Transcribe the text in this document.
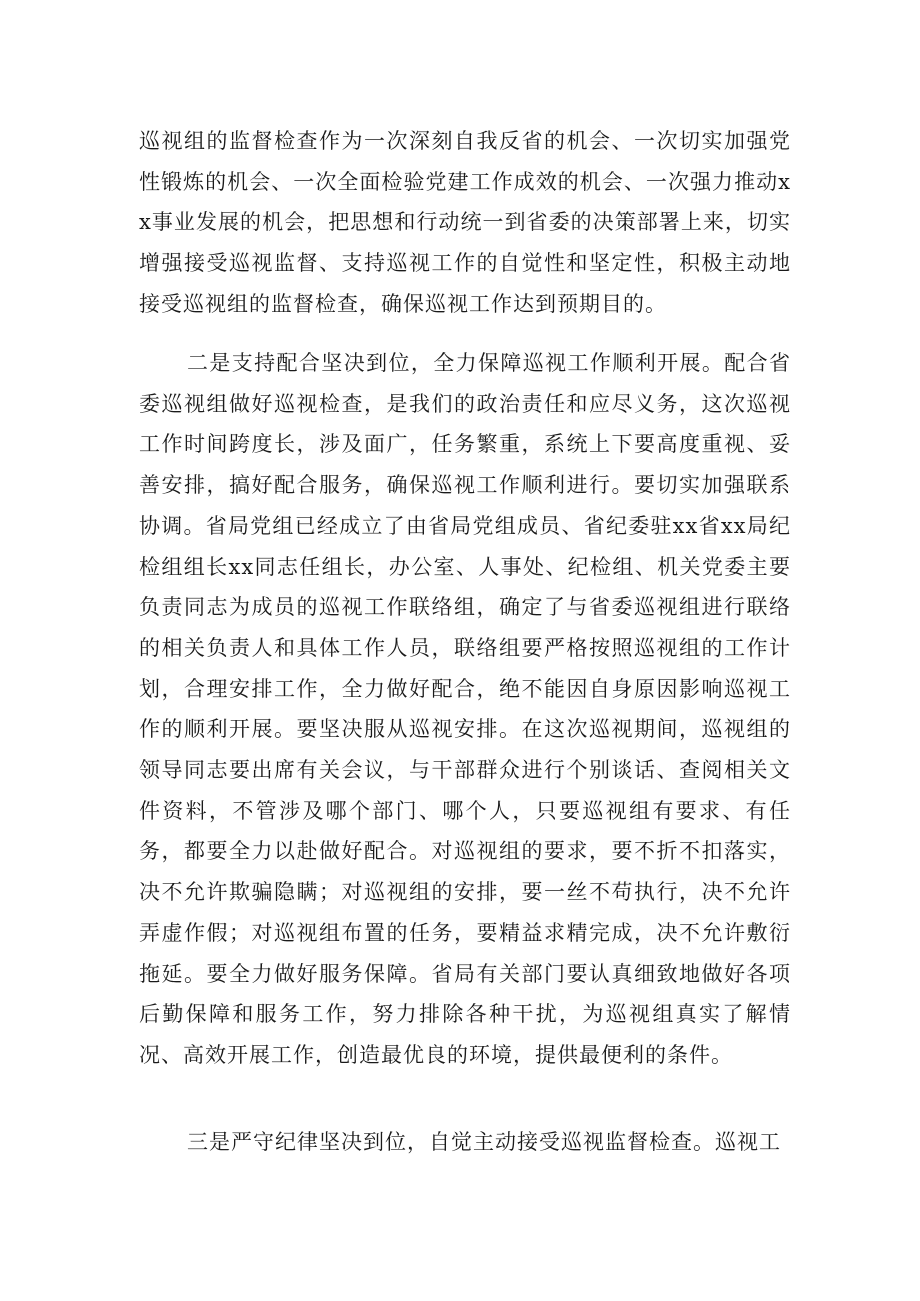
巡视组的监督检查作为一次深刻自我反省的机会、一次切实加强党性锻炼的机会、一次全面检验党建工作成效的机会、一次强力推动xx事业发展的机会，把思想和行动统一到省委的决策部署上来，切实增强接受巡视监督、支持巡视工作的自觉性和坚定性，积极主动地接受巡视组的监督检查，确保巡视工作达到预期目的。

二是支持配合坚决到位，全力保障巡视工作顺利开展。配合省委巡视组做好巡视检查，是我们的政治责任和应尽义务，这次巡视工作时间跨度长，涉及面广，任务繁重，系统上下要高度重视、妥善安排，搞好配合服务，确保巡视工作顺利进行。要切实加强联系协调。省局党组已经成立了由省局党组成员、省纪委驻xx省xx局纪检组组长xx同志任组长，办公室、人事处、纪检组、机关党委主要负责同志为成员的巡视工作联络组，确定了与省委巡视组进行联络的相关负责人和具体工作人员，联络组要严格按照巡视组的工作计划，合理安排工作，全力做好配合，绝不能因自身原因影响巡视工作的顺利开展。要坚决服从巡视安排。在这次巡视期间，巡视组的领导同志要出席有关会议，与干部群众进行个别谈话、查阅相关文件资料，不管涉及哪个部门、哪个人，只要巡视组有要求、有任务，都要全力以赴做好配合。对巡视组的要求，要不折不扣落实，决不允许欺骗隐瞒；对巡视组的安排，要一丝不苟执行，决不允许弄虚作假；对巡视组布置的任务，要精益求精完成，决不允许敷衍拖延。要全力做好服务保障。省局有关部门要认真细致地做好各项后勤保障和服务工作，努力排除各种干扰，为巡视组真实了解情况、高效开展工作，创造最优良的环境，提供最便利的条件。

三是严守纪律坚决到位，自觉主动接受巡视监督检查。巡视工
